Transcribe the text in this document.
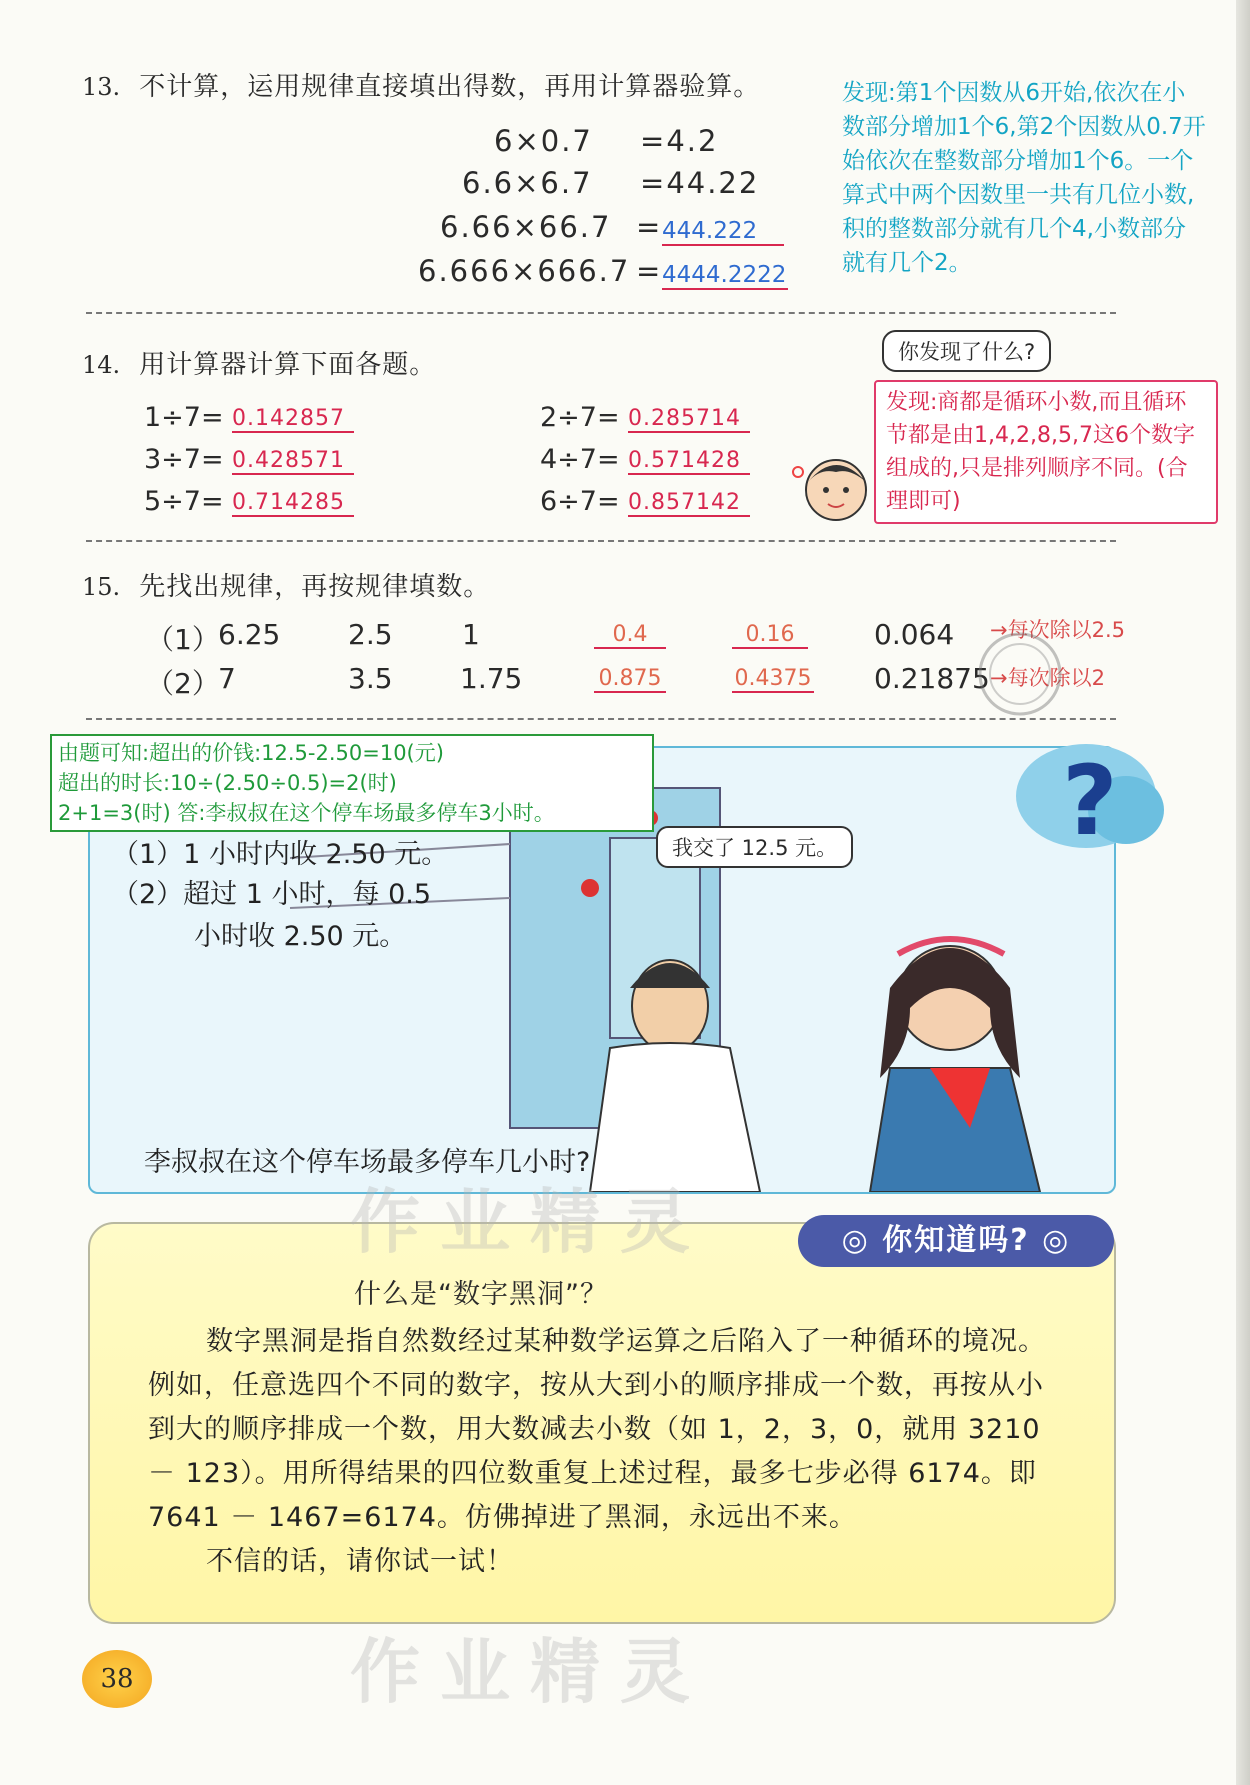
13. 不计算，运用规律直接填出得数，再用计算器验算。
6×0.7 =4.2
6.6×6.7 =44.22
6.66×66.7 = 444.222
6.666×666.7 = 4444.2222
发现:第1个因数从6开始,依次在小数部分增加1个6,第2个因数从0.7开始依次在整数部分增加1个6。一个算式中两个因数里一共有几位小数,积的整数部分就有几个4,小数部分就有几个2。
14. 用计算器计算下面各题。
1÷7= 0.142857	2÷7= 0.285714
3÷7= 0.428571	4÷7= 0.571428
5÷7= 0.714285	6÷7= 0.857142
你发现了什么?
发现:商都是循环小数,而且循环节都是由1,4,2,8,5,7这6个数字组成的,只是排列顺序不同。(合理即可)
15. 先找出规律，再按规律填数。
（1）
6.25 2.5 1	0.4	0.16	0.064 →每次除以2.5
（2）
7	3.5 1.75	0.875	0.4375 0.21875 →每次除以2
（1）1 小时内收 2.50 元。
（2）超过 1 小时，每 0.5
小时收 2.50 元。
李叔叔在这个停车场最多停车几小时?
?
由题可知:超出的价钱:12.5-2.50=10(元)
超出的时长:10÷(2.50÷0.5)=2(时)
2+1=3(时) 答:李叔叔在这个停车场最多停车3小时。
我交了 12.5 元。
◎ 你知道吗? ◎
什么是“数字黑洞”？
数字黑洞是指自然数经过某种数学运算之后陷入了一种循环的境况。例如，任意选四个不同的数字，按从大到小的顺序排成一个数，再按从小到大的顺序排成一个数，用大数减去小数（如 1，2，3，0，就用 3210 － 123）。用所得结果的四位数重复上述过程，最多七步必得 6174。即 7641 － 1467=6174。仿佛掉进了黑洞，永远出不来。
不信的话，请你试一试！
作业精灵
作业精灵
38
